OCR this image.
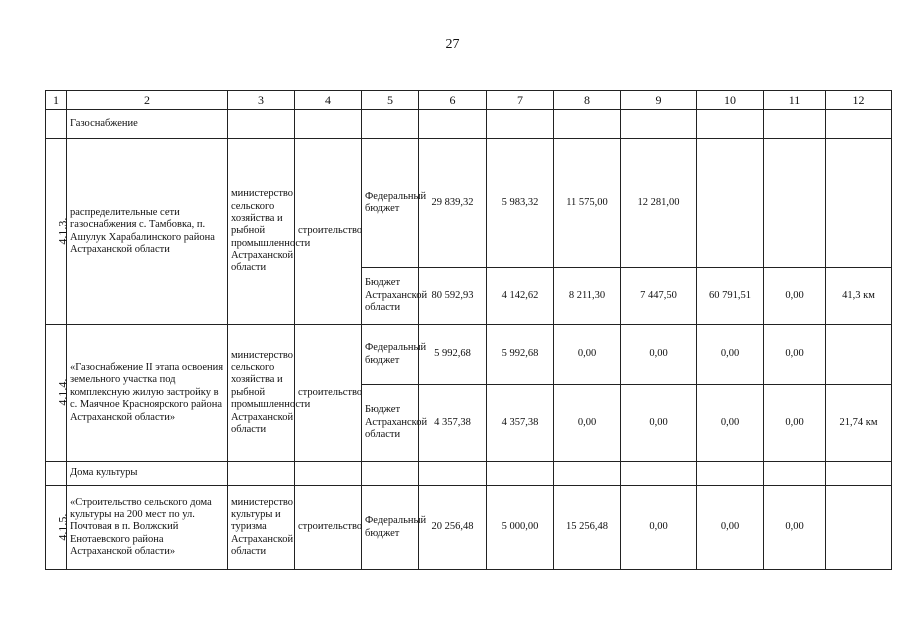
27
1	2	3	4	5	6	7	8	9	10	11	12
	Газоснабжение										
4.1.3.	распределительные сети газоснабжения с. Тамбовка, п. Ашулук Харабалинского района Астраханской области	министерство сельского хозяйства и рыбной промышленности Астраханской области	строительство	Федеральный бюджет	29 839,32	5 983,32	11 575,00	12 281,00			
				Бюджет Астраханской области	80 592,93	4 142,62	8 211,30	7 447,50	60 791,51	0,00	41,3 км
4.1.4.	«Газоснабжение II этапа освоения земельного участка под комплексную жилую застройку в с. Маячное Красноярского района Астраханской области»	министерство сельского хозяйства и рыбной промышленности Астраханской области	строительство	Федеральный бюджет	5 992,68	5 992,68	0,00	0,00	0,00	0,00	
				Бюджет Астраханской области	4 357,38	4 357,38	0,00	0,00	0,00	0,00	21,74 км
	Дома культуры										
4.1.5.	«Строительство сельского дома культуры на 200 мест по ул. Почтовая в п. Волжский Енотаевского района Астраханской области»	министерство культуры и туризма Астраханской области	строительство	Федеральный бюджет	20 256,48	5 000,00	15 256,48	0,00	0,00	0,00	
